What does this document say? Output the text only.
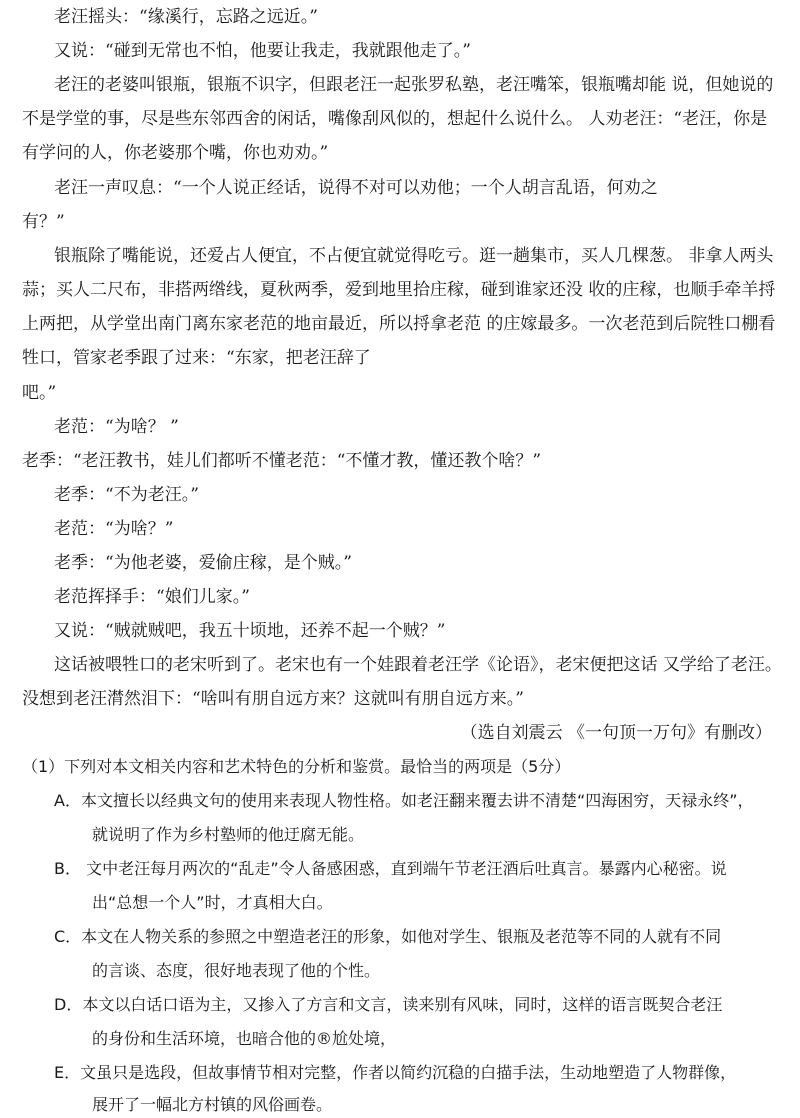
老汪摇头：“缘溪行，忘路之远近。”
又说：“碰到无常也不怕，他要让我走，我就跟他走了。”
老汪的老婆叫银瓶，银瓶不识字，但跟老汪一起张罗私塾，老汪嘴笨，银瓶嘴却能 说，但她说的
不是学堂的事，尽是些东邻西舍的闲话，嘴像刮风似的，想起什么说什么。 人劝老汪：“老汪，你是
有学问的人，你老婆那个嘴，你也劝劝。”
老汪一声叹息：“一个人说正经话，说得不对可以劝他；一个人胡言乱语，何劝之
有？”
银瓶除了嘴能说，还爱占人便宜，不占便宜就觉得吃亏。逛一趟集市，买人几棵葱。 非拿人两头
蒜；买人二尺布，非搭两绺线，夏秋两季，爱到地里拾庄稼，碰到谁家还没 收的庄稼，也顺手牵羊捋
上两把，从学堂出南门离东家老范的地亩最近，所以捋拿老范 的庄嫁最多。一次老范到后院牲口棚看
牲口，管家老季跟了过来：“东家，把老汪辞了
吧。”
老范：“为啥？ ”
老季：“老汪教书，娃儿们都听不懂老范：“不懂才教，懂还教个啥？”
老季：“不为老汪。”
老范：“为啥？”
老季：“为他老婆，爱偷庄稼，是个贼。”
老范挥择手：“娘们儿家。”
又说：“贼就贼吧，我五十顷地，还养不起一个贼？”
这话被喂牲口的老宋听到了。老宋也有一个娃跟着老汪学《论语》，老宋便把这话 又学给了老汪。
没想到老汪潸然泪下：“啥叫有朋自远方来？这就叫有朋自远方来。”
（选自刘震云 《一句顶一万句》有删改）
（1）下列对本文相关内容和艺术特色的分析和鉴赏。最恰当的两项是（5分）
A．本文擅长以经典文句的使用来表现人物性格。如老汪翻来覆去讲不清楚“四海困穷，天禄永终”，
就说明了作为乡村塾师的他迂腐无能。
B． 文中老汪每月两次的“乱走”令人备感困惑，直到端午节老汪酒后吐真言。暴露内心秘密。说
出“总想一个人”时，才真相大白。
C．本文在人物关系的参照之中塑造老汪的形象，如他对学生、银瓶及老范等不同的人就有不同
的言谈、态度，很好地表现了他的个性。
D．本文以白话口语为主，又掺入了方言和文言，读来别有风味，同时，这样的语言既契合老汪
的身份和生活环境，也暗合他的®尬处境，
E．文虽只是选段，但故事情节相对完整，作者以简约沉稳的白描手法，生动地塑造了人物群像，
展开了一幅北方村镇的风俗画卷。
